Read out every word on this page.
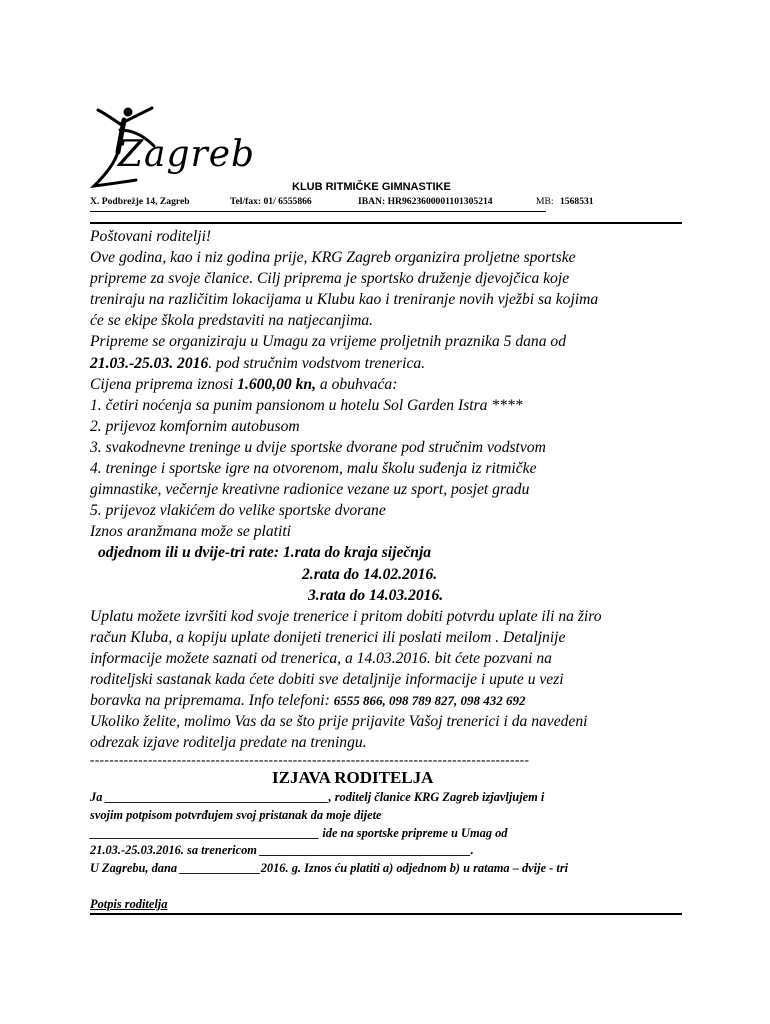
Zagreb
KLUB RITMIČKE GIMNASTIKE
X. Podbrežje 14, Zagreb	Tel/fax: 01/ 6555866	IBAN: HR9623600001101305214	MB: 1568531

Poštovani roditelji!

Ove godina, kao i niz godina prije, KRG Zagreb organizira proljetne sportske

pripreme za svoje članice. Cilj priprema je sportsko druženje djevojčica koje

treniraju na različitim lokacijama u Klubu kao i treniranje novih vježbi sa kojima

će se ekipe škola predstaviti na natjecanjima.

Pripreme se organiziraju u Umagu za vrijeme proljetnih praznika 5 dana od

21.03.-25.03. 2016. pod stručnim vodstvom trenerica.

Cijena priprema iznosi 1.600,00 kn, a obuhvaća:

1. četiri noćenja sa punim pansionom u hotelu Sol Garden Istra ****

2. prijevoz komfornim autobusom

3. svakodnevne treninge u dvije sportske dvorane pod stručnim vodstvom

4. treninge i sportske igre na otvorenom, malu školu suđenja iz ritmičke

gimnastike, večernje kreativne radionice vezane uz sport, posjet gradu

5. prijevoz vlakićem do velike sportske dvorane

Iznos aranžmana može se platiti

odjednom ili u dvije-tri rate: 1.rata do kraja siječnja

2.rata do 14.02.2016.

3.rata do 14.03.2016.

Uplatu možete izvršiti kod svoje trenerice i pritom dobiti potvrdu uplate ili na žiro

račun Kluba, a kopiju uplate donijeti trenerici ili poslati meilom . Detaljnije

informacije možete saznati od trenerica, a 14.03.2016. bit ćete pozvani na

roditeljski sastanak kada ćete dobiti sve detaljnije informacije i upute u vezi

boravka na pripremama. Info telefoni: 6555 866, 098 789 827, 098 432 692

Ukoliko želite, molimo Vas da se što prije prijavite Vašoj trenerici i da navedeni

odrezak izjave roditelja predate na treningu.

-------------------------------------------------------------------------------------------
IZJAVA RODITELJA

Ja ____________________________________, roditelj članice KRG Zagreb izjavljujem i

svojim potpisom potvrđujem svoj pristanak da moje dijete

_____________________________________ ide na sportske pripreme u Umag od

21.03.-25.03.2016. sa trenericom __________________________________.

U Zagrebu, dana _____________2016. g. Iznos ću platiti a) odjednom b) u ratama – dvije - tri

Potpis roditelja
